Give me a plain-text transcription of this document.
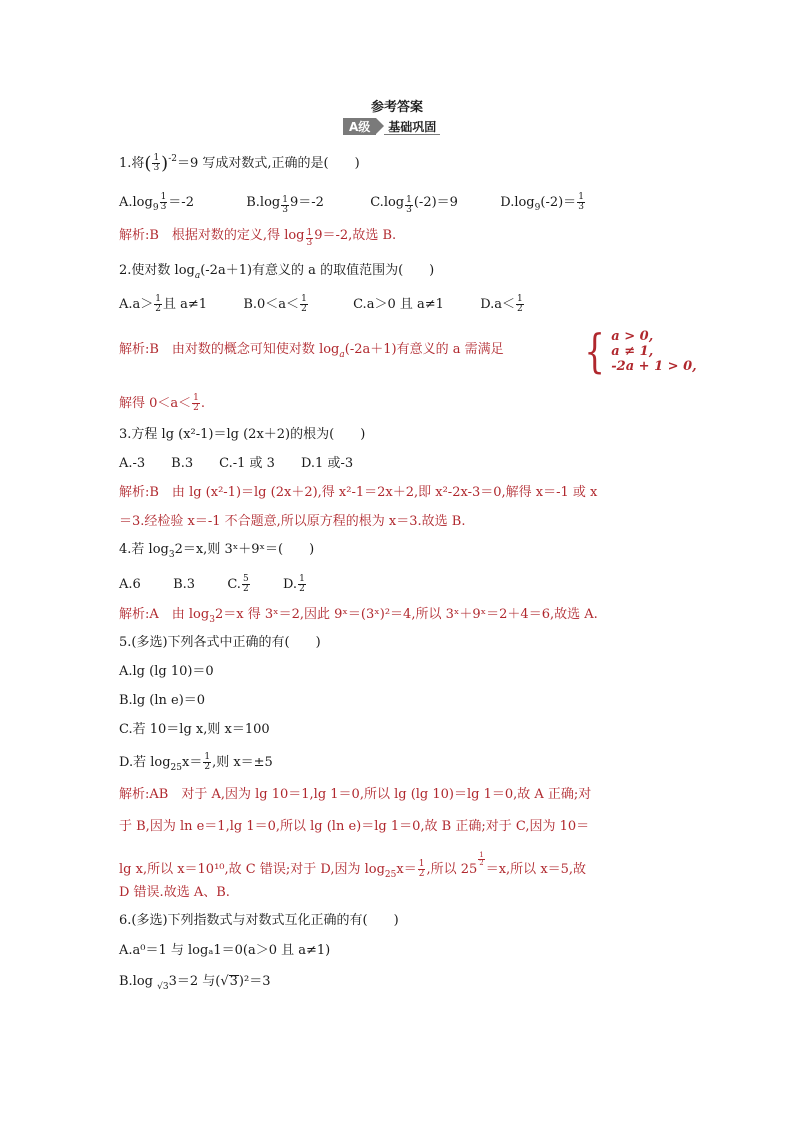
参考答案
A级	基础巩固
1.将( $\frac{1}{3} )^{-2}=9$ 写成对数式,正确的是(　　)
$A.\log_9 \frac{1}{3} =-2$	$B.\log \frac{1}{3} 9=-2$	$C.\log \frac{1}{3} (-2)=9$	$D.\log_9(-2)= \frac{1}{3}$
解析:B　根据对数的定义,得 $\log \frac{1}{3} 9=-2$,故选 B.
2.使对数 $\log_a(-2a+1)$有意义的 a 的取值范围为(　　)
$A.a> \frac{1}{2}$ 且 a≠1	$B.0<a< \frac{1}{2}$	C.a＞0 且 a≠1	$D.a< \frac{1}{2}$
解析:B　由对数的概念可知使对数 $\log_a(-2a+1)$有意义的 a 需满足 { a > 0,
a ≠ 1,
-2a + 1 > 0,
解得 $0<a< \frac{1}{2}$ .
3.方程 lg (x²-1)＝lg (2x＋2)的根为(　　)
A.-3　　B.3　　C.-1 或 3　　D.1 或-3
解析:B　由 lg (x²-1)＝lg (2x＋2),得 x²-1＝2x＋2,即 x²-2x-3＝0,解得 x＝-1 或 x
＝3.经检验 x＝-1 不合题意,所以原方程的根为 x＝3.故选 B.
4.若 $\log_32=x$,则 3ˣ＋9ˣ＝(　　)
A.6 B.3 C. $\frac{5}{2}$	D. $\frac{1}{2}$
解析:A　由 $\log_32=x$ 得 3ˣ＝2,因此 9ˣ＝(3ˣ)²＝4,所以 3ˣ＋9ˣ＝2＋4＝6,故选 A.
5.(多选)下列各式中正确的有(　　)
A.lg (lg 10)＝0
B.lg (ln e)＝0
C.若 10＝lg x,则 x＝100
D.若 $\log_{25}x= \frac{1}{2}$ ,则 x＝±5
解析:AB　对于 A,因为 lg 10＝1,lg 1＝0,所以 lg (lg 10)＝lg 1＝0,故 A 正确;对
于 B,因为 ln e＝1,lg 1＝0,所以 lg (ln e)＝lg 1＝0,故 B 正确;对于 C,因为 10＝
lg x,所以 x＝10¹⁰,故 C 错误;对于 D,因为 $\log_{25}x= \frac{1}{2}$ ,所以 25
$\frac{1}{2}$
＝x,所以 x＝5,故
D 错误.故选 A、B.
6.(多选)下列指数式与对数式互化正确的有(　　)
A.a⁰＝1 与 logₐ1＝0(a＞0 且 a≠1)
B.log $_{√3}$3＝2 与(√3)²＝3
